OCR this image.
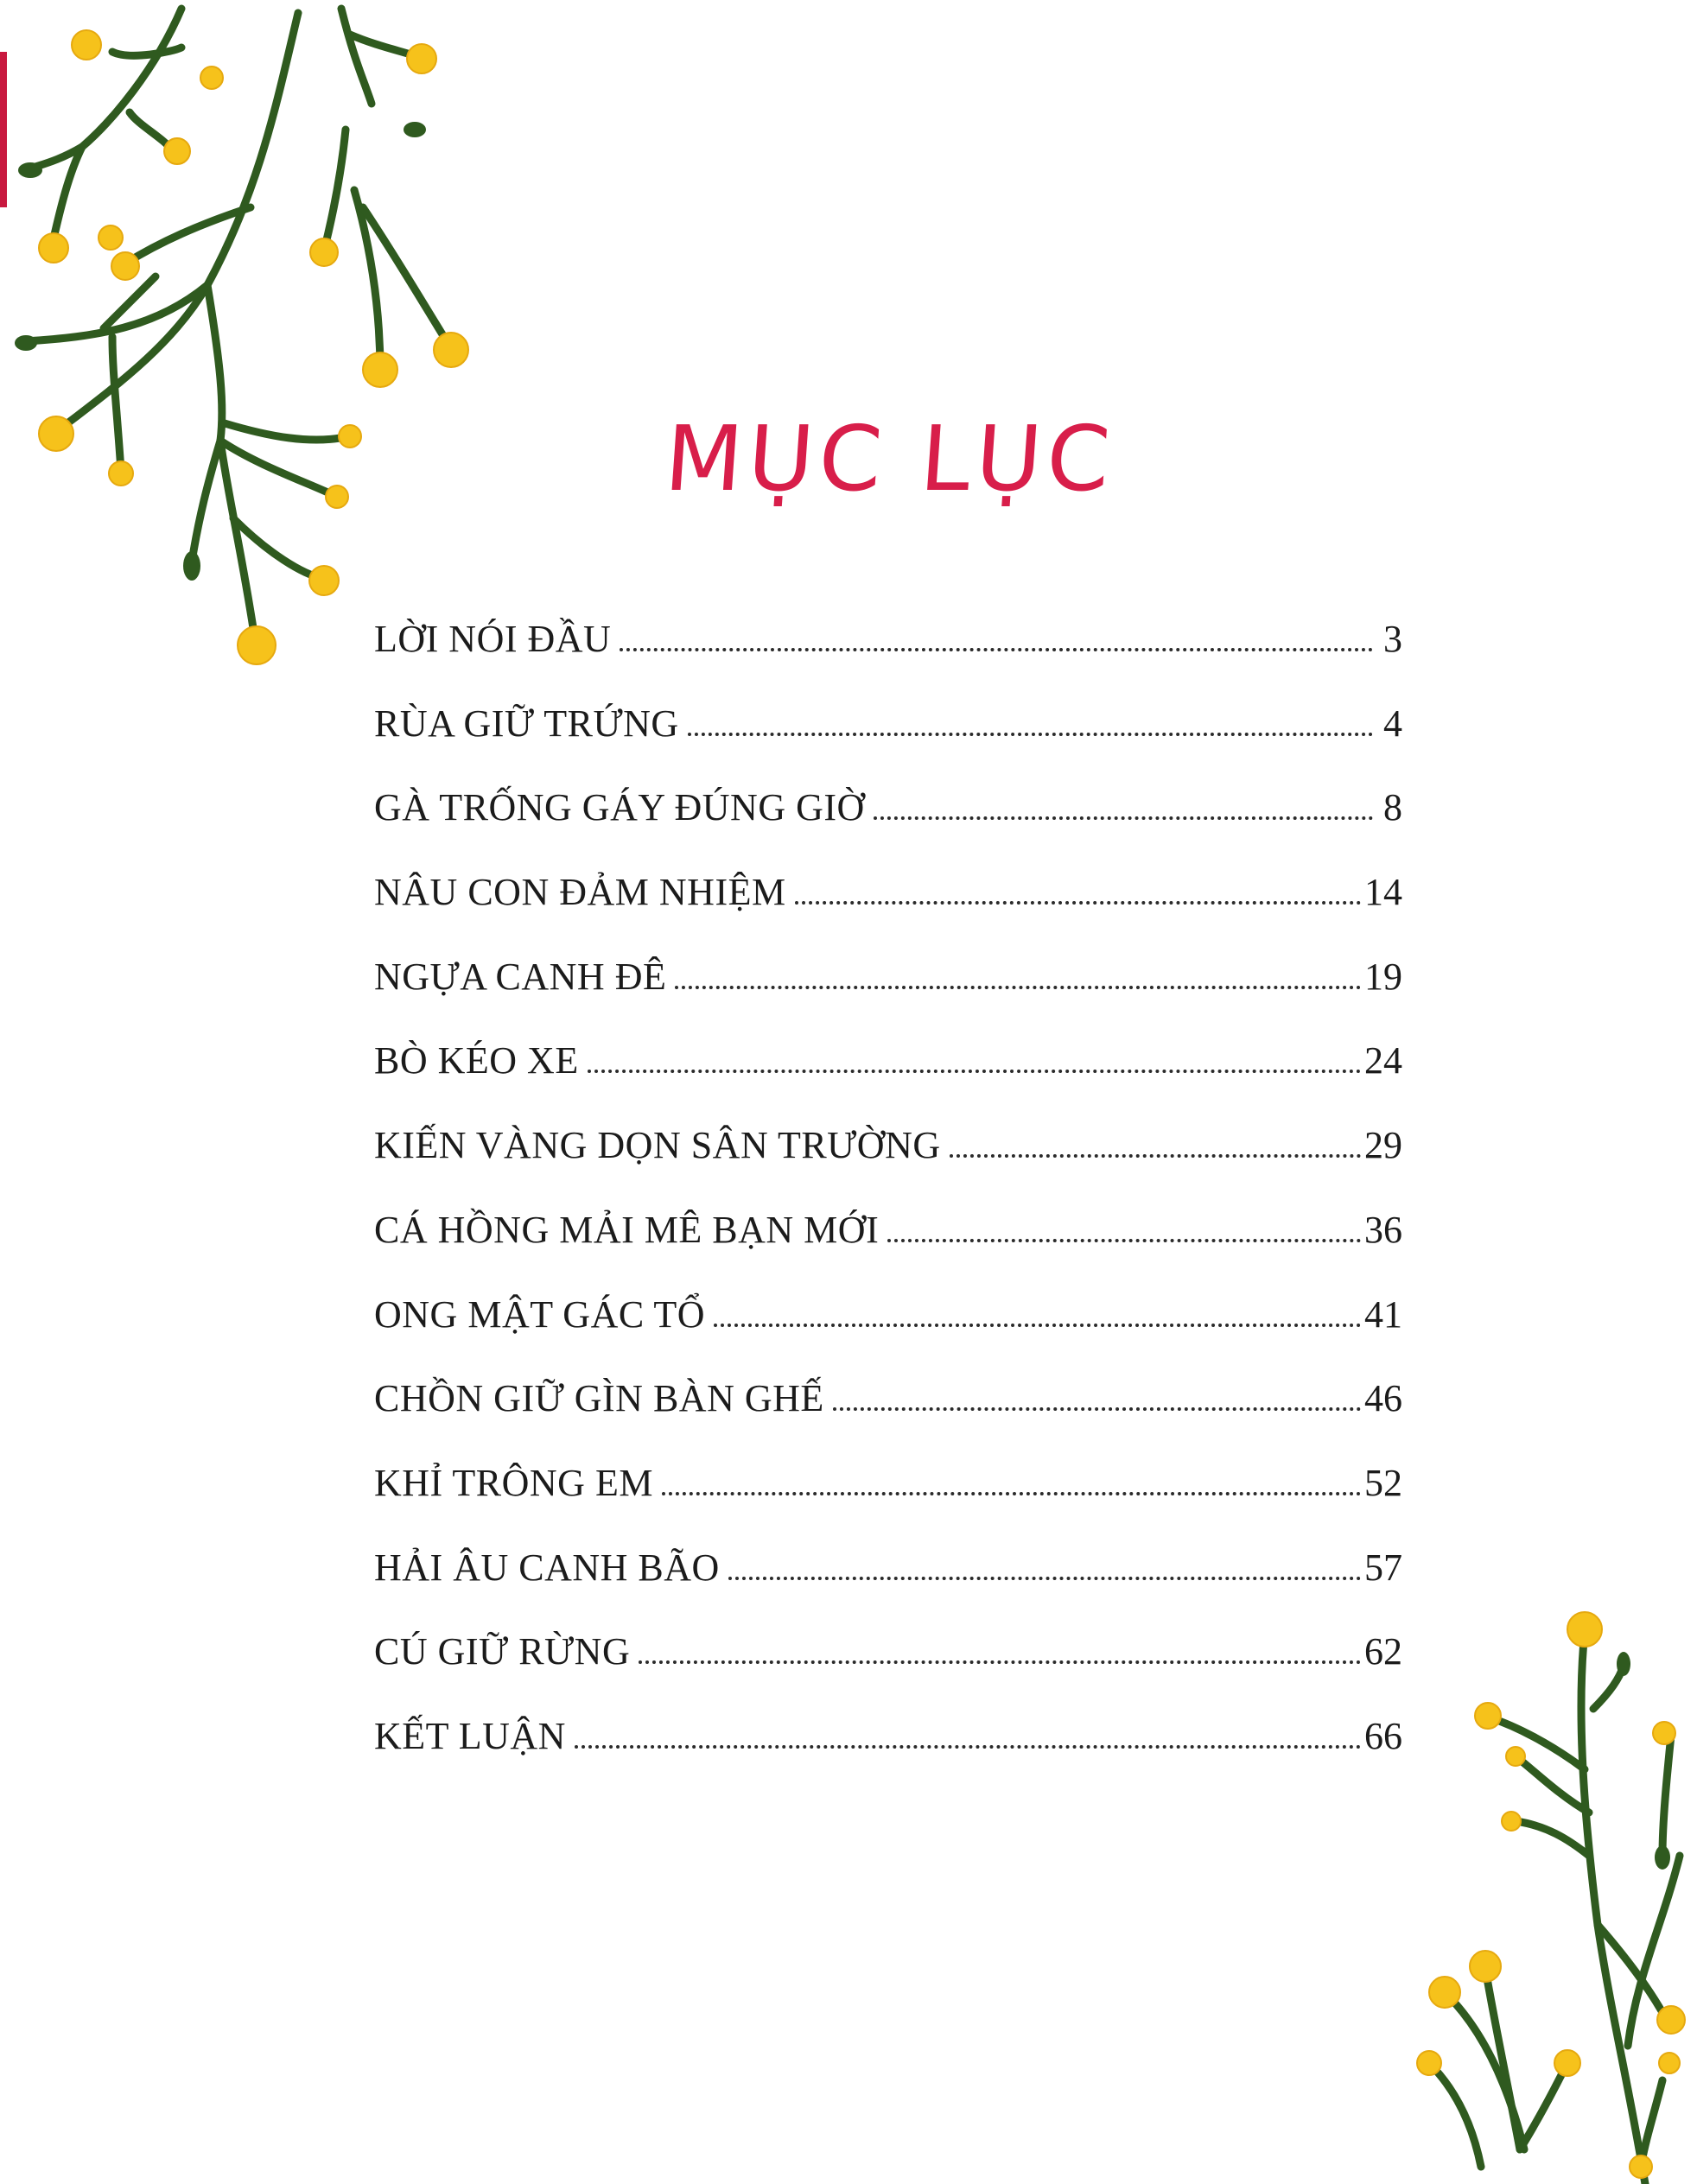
MỤC LỤC
LỜI NÓI ĐẦU	3
RÙA GIỮ TRỨNG	4
GÀ TRỐNG GÁY ĐÚNG GIỜ	8
NÂU CON ĐẢM NHIỆM	14
NGỰA CANH ĐÊ	19
BÒ KÉO XE	24
KIẾN VÀNG DỌN SÂN TRƯỜNG	29
CÁ HỒNG MẢI MÊ BẠN MỚI	36
ONG MẬT GÁC TỔ	41
CHỒN GIỮ GÌN BÀN GHẾ	46
KHỈ TRÔNG EM	52
HẢI ÂU CANH BÃO	57
CÚ GIỮ RỪNG	62
KẾT LUẬN	66
